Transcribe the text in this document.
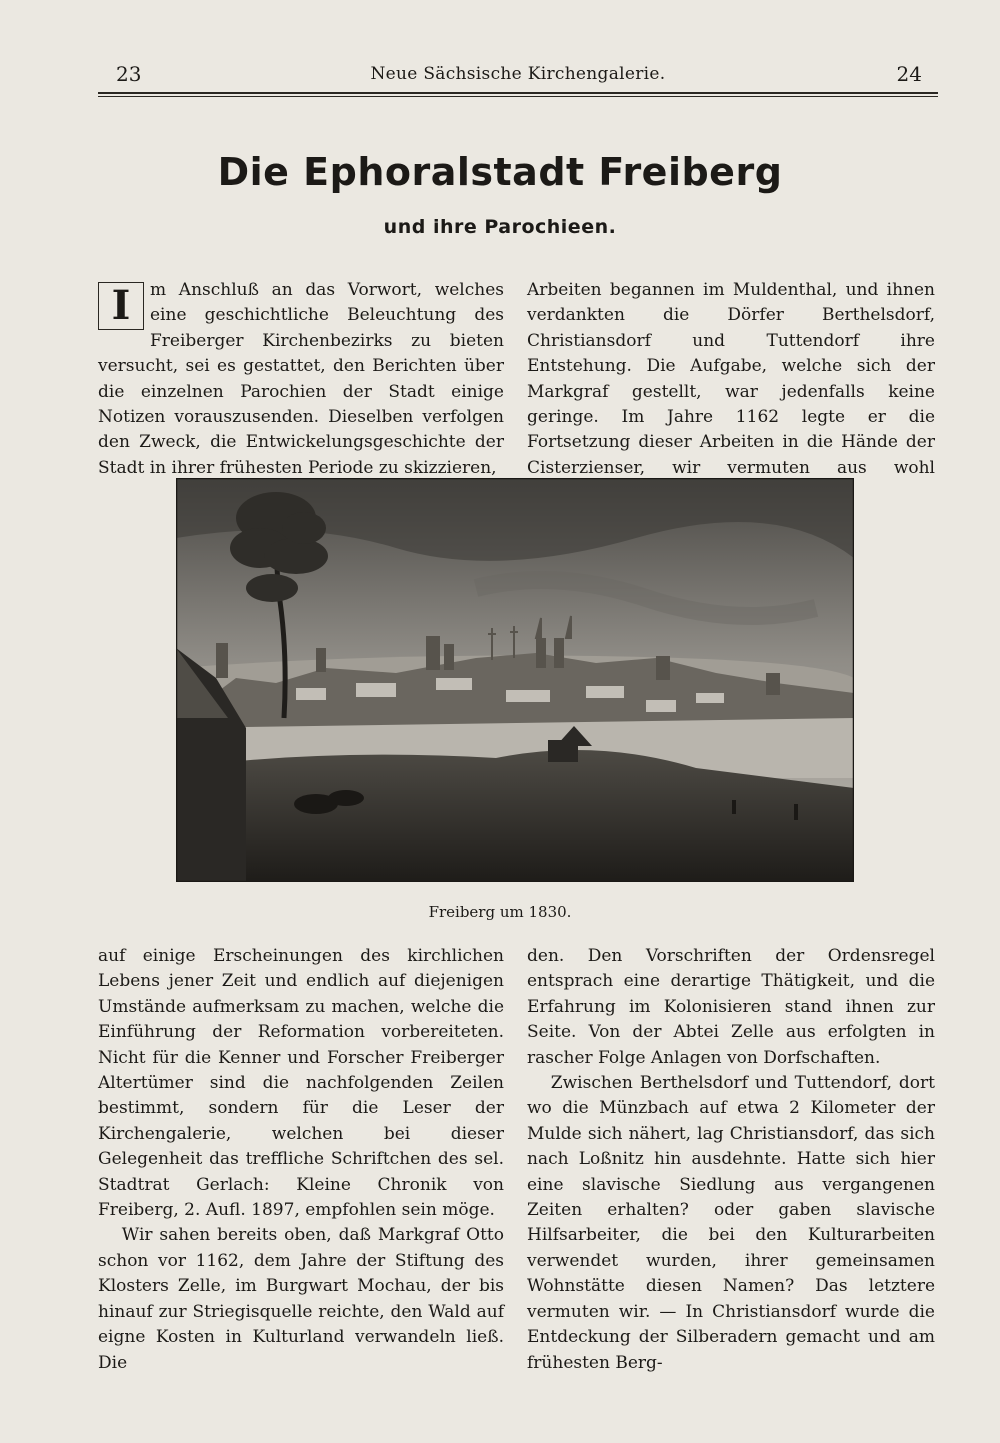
23	Neue Sächsische Kirchengalerie.	24
Die Ephoralstadt Freiberg
und ihre Parochieen.

I	m Anschluß an das Vorwort, welches eine geschichtliche Beleuchtung des Freiberger Kirchenbezirks zu bieten versucht, sei es gestattet, den Berichten über die einzelnen Parochien der Stadt einige Notizen vorauszusenden. Dieselben verfolgen den Zweck, die Entwickelungsgeschichte der Stadt in ihrer frühesten Periode zu skizzieren,

Arbeiten begannen im Muldenthal, und ihnen verdankten die Dörfer Berthelsdorf, Christiansdorf und Tuttendorf ihre Entstehung. Die Aufgabe, welche sich der Markgraf gestellt, war jedenfalls keine geringe. Im Jahre 1162 legte er die Fortsetzung dieser Arbeiten in die Hände der Cisterzienser, wir vermuten aus wohl

Freiberg um 1830.

auf einige Erscheinungen des kirchlichen Lebens jener Zeit und endlich auf diejenigen Umstände aufmerksam zu machen, welche die Einführung der Reformation vorbereiteten. Nicht für die Kenner und Forscher Freiberger Altertümer sind die nachfolgenden Zeilen bestimmt, sondern für die Leser der Kirchengalerie, welchen bei dieser Gelegenheit das treffliche Schriftchen des sel. Stadtrat Gerlach: Kleine Chronik von Freiberg, 2. Aufl. 1897, empfohlen sein möge.

Wir sahen bereits oben, daß Markgraf Otto schon vor 1162, dem Jahre der Stiftung des Klosters Zelle, im Burgwart Mochau, der bis hinauf zur Striegisquelle reichte, den Wald auf eigne Kosten in Kulturland verwandeln ließ. Die

den. Den Vorschriften der Ordensregel entsprach eine derartige Thätigkeit, und die Erfahrung im Kolonisieren stand ihnen zur Seite. Von der Abtei Zelle aus erfolgten in rascher Folge Anlagen von Dorfschaften.

Zwischen Berthelsdorf und Tuttendorf, dort wo die Münzbach auf etwa 2 Kilometer der Mulde sich nähert, lag Christiansdorf, das sich nach Loßnitz hin ausdehnte. Hatte sich hier eine slavische Siedlung aus vergangenen Zeiten erhalten? oder gaben slavische Hilfsarbeiter, die bei den Kulturarbeiten verwendet wurden, ihrer gemeinsamen Wohnstätte diesen Namen? Das letztere vermuten wir. — In Christiansdorf wurde die Entdeckung der Silberadern gemacht und am frühesten Berg-
